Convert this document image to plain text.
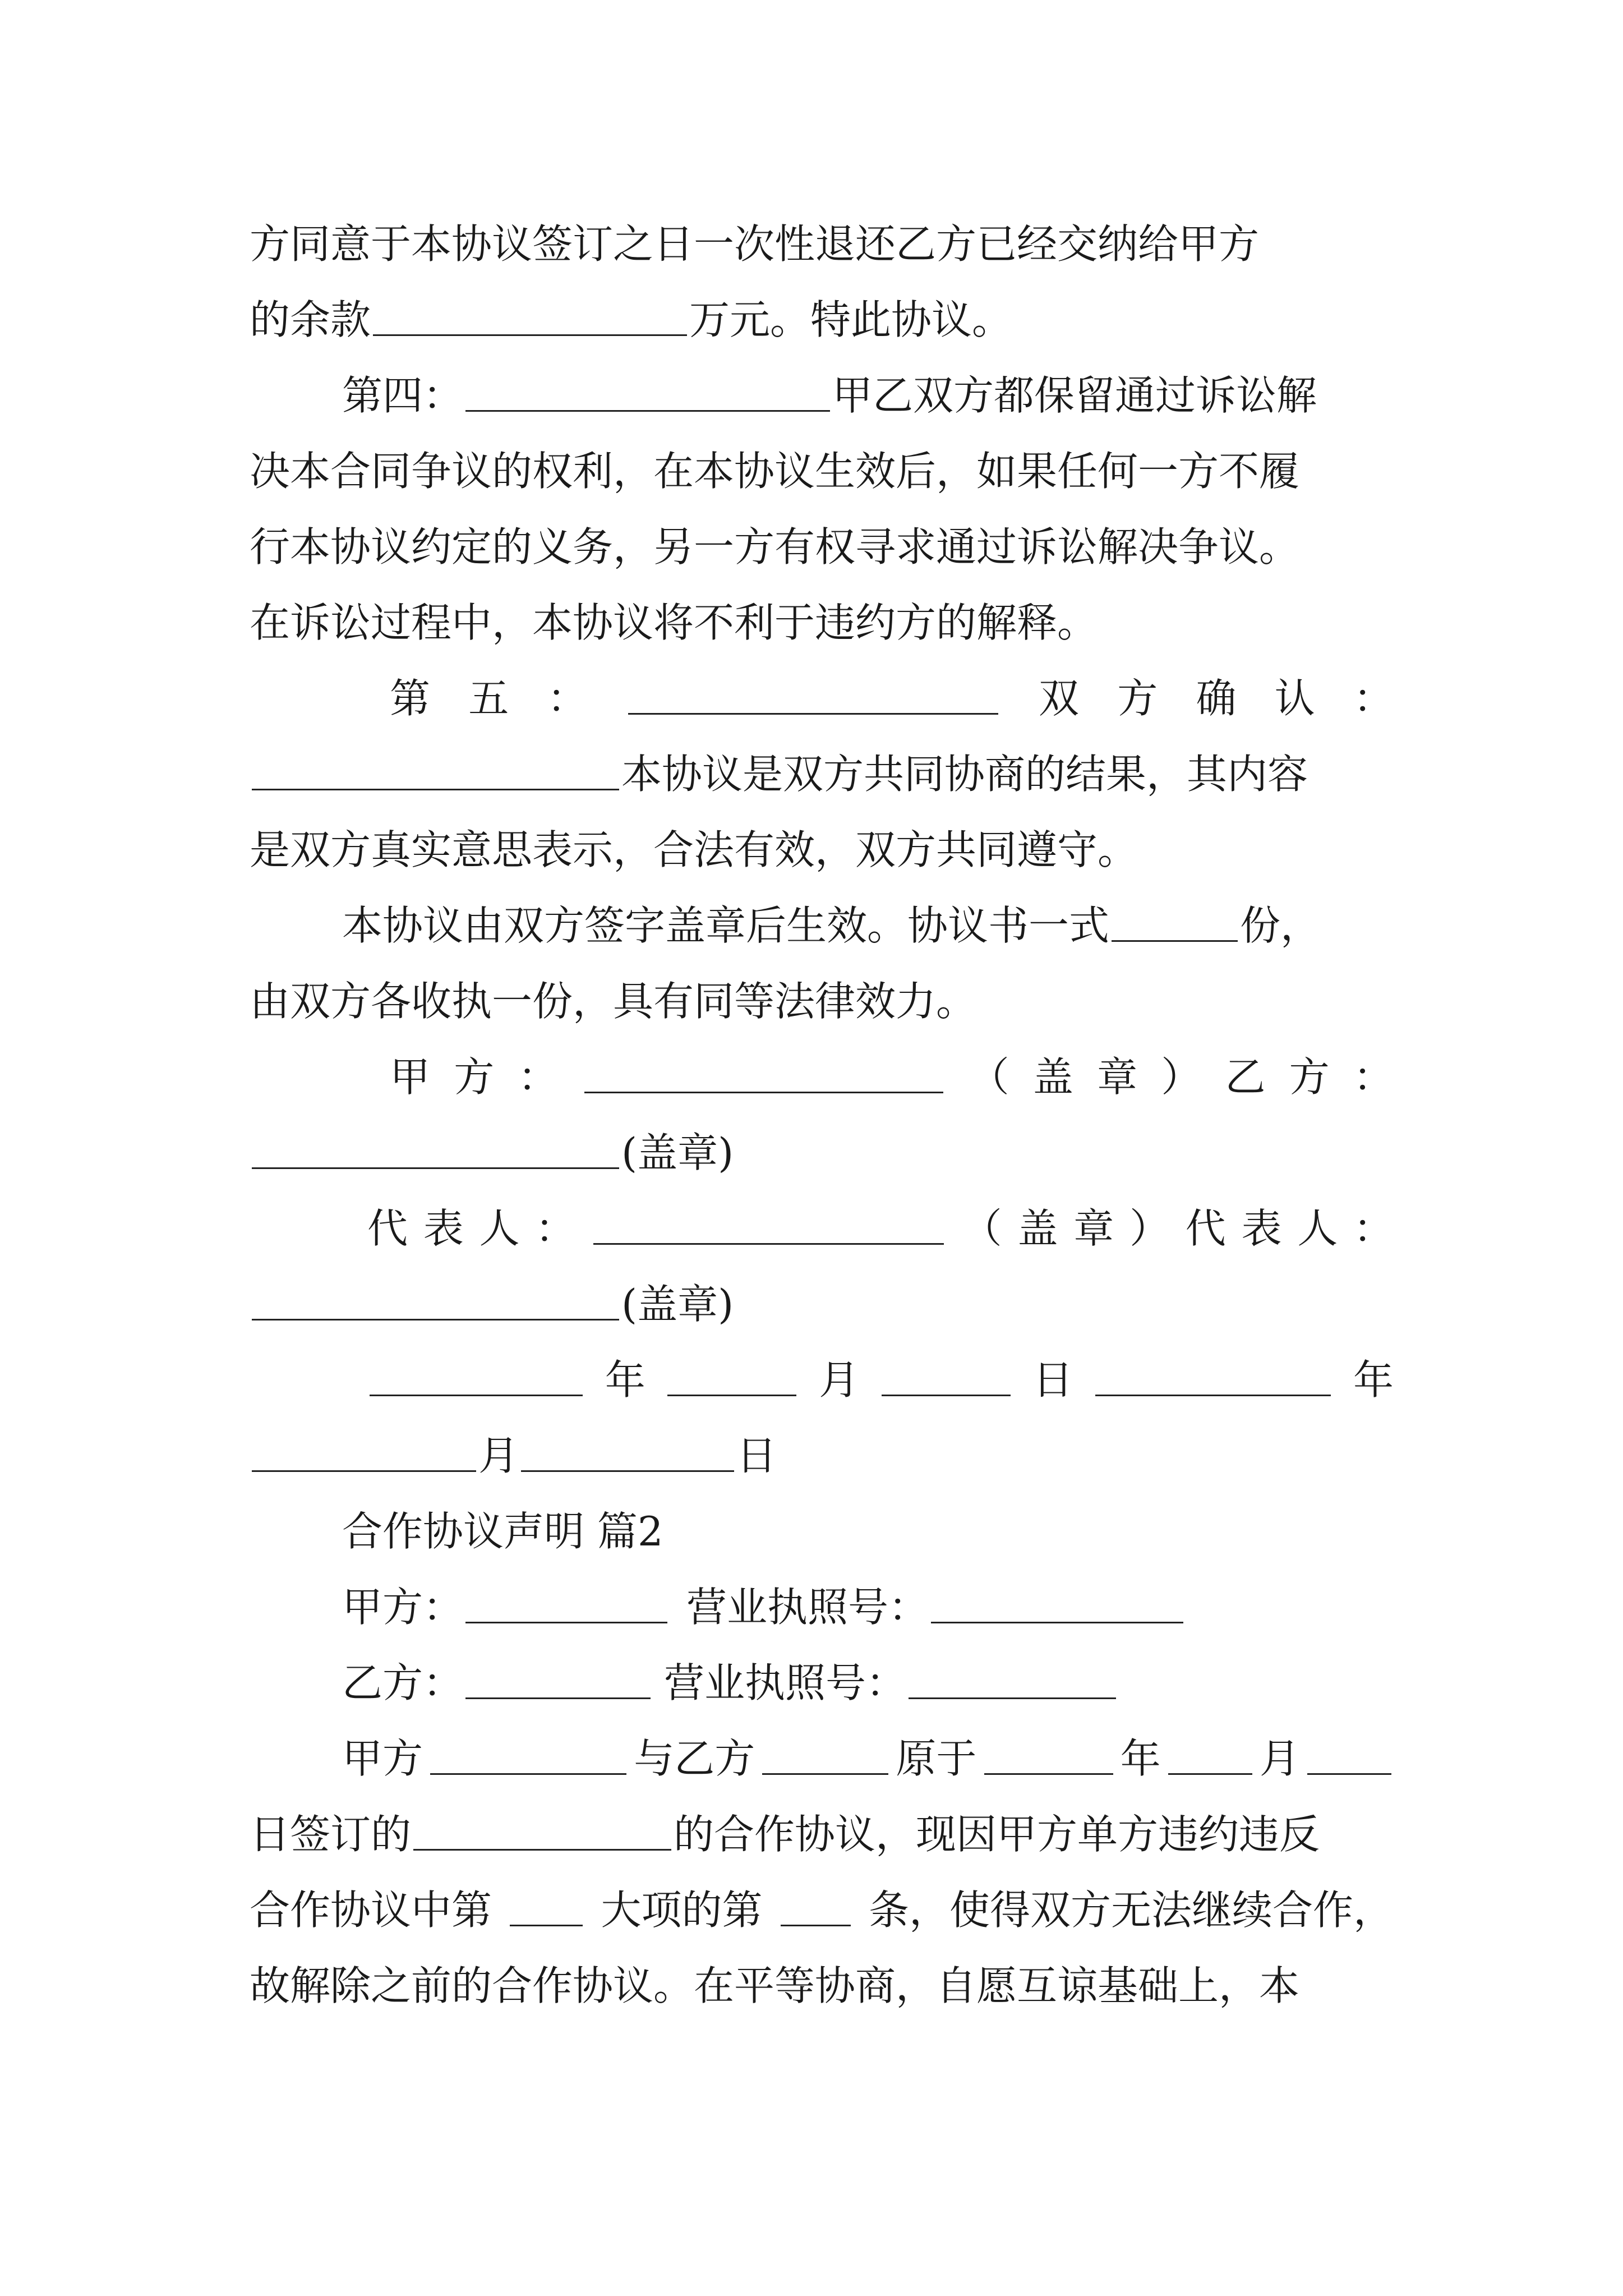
方同意于本协议签订之日一次性退还乙方已经交纳给甲方
的余款	万元。特此协议。
第四：	甲乙双方都保留通过诉讼解
决本合同争议的权利，在本协议生效后，如果任何一方不履
行本协议约定的义务，另一方有权寻求通过诉讼解决争议。
在诉讼过程中，本协议将不利于违约方的解释。
第 五 ：	双 方 确 认 ：
本协议是双方共同协商的结果，其内容
是双方真实意思表示，合法有效，双方共同遵守。
本协议由双方签字盖章后生效。协议书一式	份，
由双方各收执一份，具有同等法律效力。
甲 方 ：	（ 盖 章 ） 乙 方 ：
(盖章)
代 表 人 ：	（ 盖 章 ） 代 表 人 ：
(盖章)
年	月	日	年
月	日
合作协议声明 篇2
甲方：	营业执照号：
乙方：	营业执照号：
甲方	与乙方	原于	年 月
日签订的	的合作协议，现因甲方单方违约违反
合作协议中第	大项的第	条，使得双方无法继续合作，
故解除之前的合作协议。在平等协商，自愿互谅基础上，本
